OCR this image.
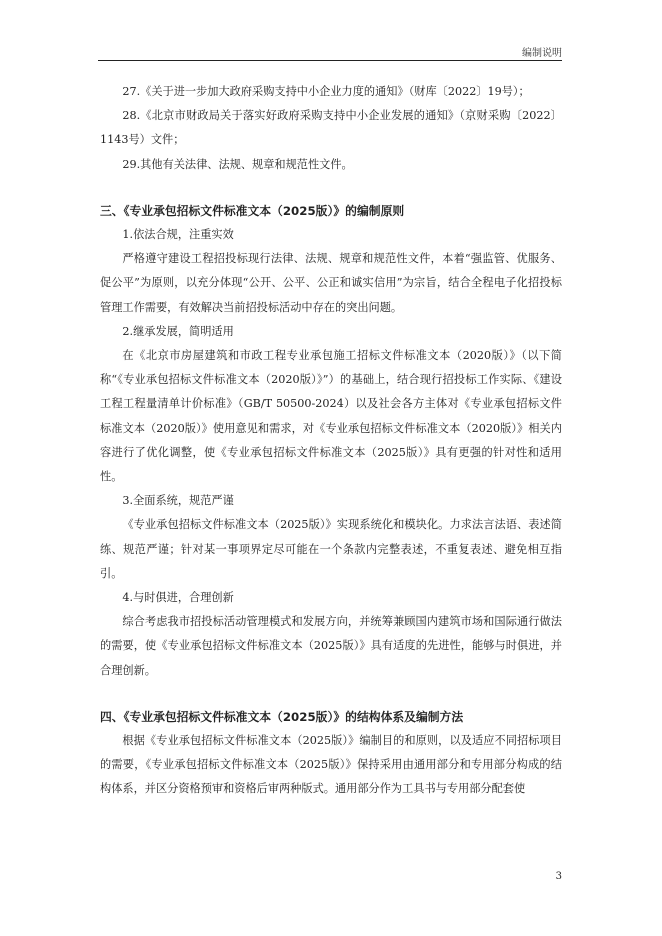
编制说明

27.《关于进一步加大政府采购支持中小企业力度的通知》（财库〔2022〕19号）；

28.《北京市财政局关于落实好政府采购支持中小企业发展的通知》（京财采购〔2022〕1143号）文件；

29.其他有关法律、法规、规章和规范性文件。

三、《专业承包招标文件标准文本（2025版）》的编制原则

1.依法合规，注重实效

严格遵守建设工程招投标现行法律、法规、规章和规范性文件，本着“强监管、优服务、促公平”为原则，以充分体现“公开、公平、公正和诚实信用”为宗旨，结合全程电子化招投标管理工作需要，有效解决当前招投标活动中存在的突出问题。

2.继承发展，简明适用

在《北京市房屋建筑和市政工程专业承包施工招标文件标准文本（2020版）》（以下简称“《专业承包招标文件标准文本（2020版）》”）的基础上，结合现行招投标工作实际、《建设工程工程量清单计价标准》（GB/T 50500-2024）以及社会各方主体对《专业承包招标文件标准文本（2020版）》使用意见和需求，对《专业承包招标文件标准文本（2020版）》相关内容进行了优化调整，使《专业承包招标文件标准文本（2025版）》具有更强的针对性和适用性。

3.全面系统，规范严谨

《专业承包招标文件标准文本（2025版）》实现系统化和模块化。力求法言法语、表述简练、规范严谨；针对某一事项界定尽可能在一个条款内完整表述，不重复表述、避免相互指引。

4.与时俱进，合理创新

综合考虑我市招投标活动管理模式和发展方向，并统筹兼顾国内建筑市场和国际通行做法的需要，使《专业承包招标文件标准文本（2025版）》具有适度的先进性，能够与时俱进，并合理创新。

四、《专业承包招标文件标准文本（2025版）》的结构体系及编制方法

根据《专业承包招标文件标准文本（2025版）》编制目的和原则，以及适应不同招标项目的需要，《专业承包招标文件标准文本（2025版）》保持采用由通用部分和专用部分构成的结构体系，并区分资格预审和资格后审两种版式。通用部分作为工具书与专用部分配套使

3
